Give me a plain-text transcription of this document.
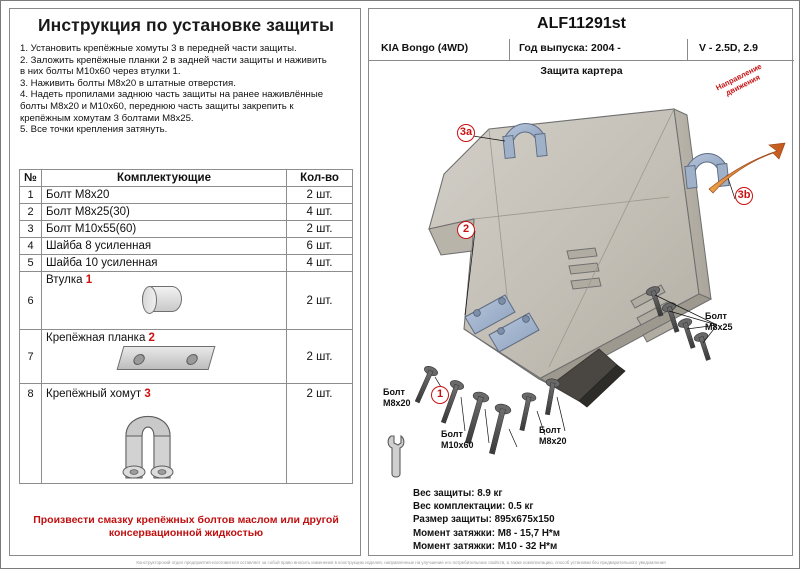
Инструкция по установке защиты
1. Установить крепёжные хомуты 3 в передней части защиты.
2. Заложить крепёжные планки 2 в задней части защиты и наживить
в них болты М10х60 через втулки 1.
3. Наживить болты М8х20 в штатные отверстия.
4. Надеть пропилами заднюю часть защиты на ранее наживлённые
болты М8х20 и М10х60, переднюю часть защиты закрепить к
крепёжным хомутам 3 болтами М8х25.
5. Все точки крепления затянуть.
№	Комплектующие	Кол-во
1	Болт М8х20	2 шт.
2	Болт М8х25(30)	4 шт.
3	Болт М10х55(60)	2 шт.
4	Шайба 8 усиленная	6 шт.
5	Шайба 10 усиленная	4 шт.
6	Втулка 1	2 шт.
7	Крепёжная планка 2	2 шт.
8	Крепёжный хомут 3	2 шт.
Произвести смазку крепёжных болтов маслом или другой
консервационной жидкостью
ALF11291st
KIA Bongo (4WD)	Год выпуска: 2004 -	V - 2.5D, 2.9
Защита картера
3a
3b
2
1
Болт
М8х25
Болт
М8х20
Болт
М10х60
Болт
М8х20
Направление движения
Вес защиты: 8.9 кг
Вес комплектации: 0.5 кг
Размер защиты: 895х675х150
Момент затяжки: М8 - 15,7 Н*м
Момент затяжки: М10 - 32 Н*м
Конструкторский отдел предприятия-изготовителя оставляет за собой право вносить изменения в конструкцию изделия, направленные на улучшение его потребительских свойств, а также комплектацию, способ установки без предварительного уведомления
